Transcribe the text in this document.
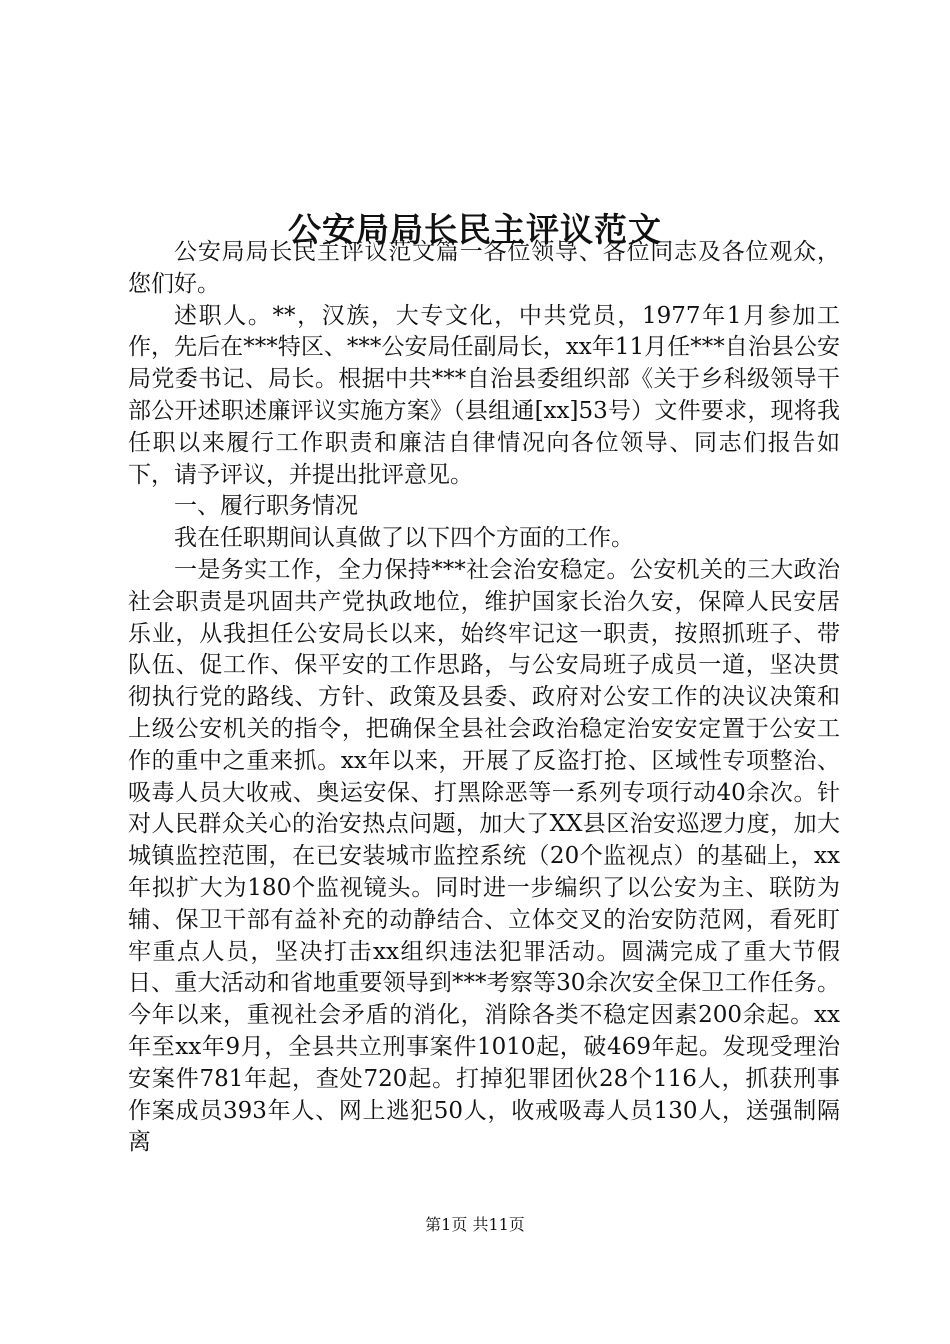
公安局局长民主评议范文

公安局局长民主评议范文篇一各位领导、各位同志及各位观众，您们好。

述职人。**，汉族，大专文化，中共党员，1977年1月参加工作，先后在***特区、***公安局任副局长，xx年11月任***自治县公安局党委书记、局长。根据中共***自治县委组织部《关于乡科级领导干部公开述职述廉评议实施方案》（县组通[xx]53号）文件要求，现将我任职以来履行工作职责和廉洁自律情况向各位领导、同志们报告如下，请予评议，并提出批评意见。

一、履行职务情况

我在任职期间认真做了以下四个方面的工作。

一是务实工作，全力保持***社会治安稳定。公安机关的三大政治社会职责是巩固共产党执政地位，维护国家长治久安，保障人民安居乐业，从我担任公安局长以来，始终牢记这一职责，按照抓班子、带队伍、促工作、保平安的工作思路，与公安局班子成员一道，坚决贯彻执行党的路线、方针、政策及县委、政府对公安工作的决议决策和上级公安机关的指令，把确保全县社会政治稳定治安安定置于公安工作的重中之重来抓。xx年以来，开展了反盗打抢、区域性专项整治、吸毒人员大收戒、奥运安保、打黑除恶等一系列专项行动40余次。针对人民群众关心的治安热点问题，加大了XX县区治安巡逻力度，加大城镇监控范围，在已安装城市监控系统（20个监视点）的基础上，xx年拟扩大为180个监视镜头。同时进一步编织了以公安为主、联防为辅、保卫干部有益补充的动静结合、立体交叉的治安防范网，看死盯牢重点人员，坚决打击xx组织违法犯罪活动。圆满完成了重大节假日、重大活动和省地重要领导到***考察等30余次安全保卫工作任务。今年以来，重视社会矛盾的消化，消除各类不稳定因素200余起。xx年至xx年9月，全县共立刑事案件1010起，破469年起。发现受理治安案件781年起，查处720起。打掉犯罪团伙28个116人，抓获刑事作案成员393年人、网上逃犯50人，收戒吸毒人员130人，送强制隔离

第1页 共11页
